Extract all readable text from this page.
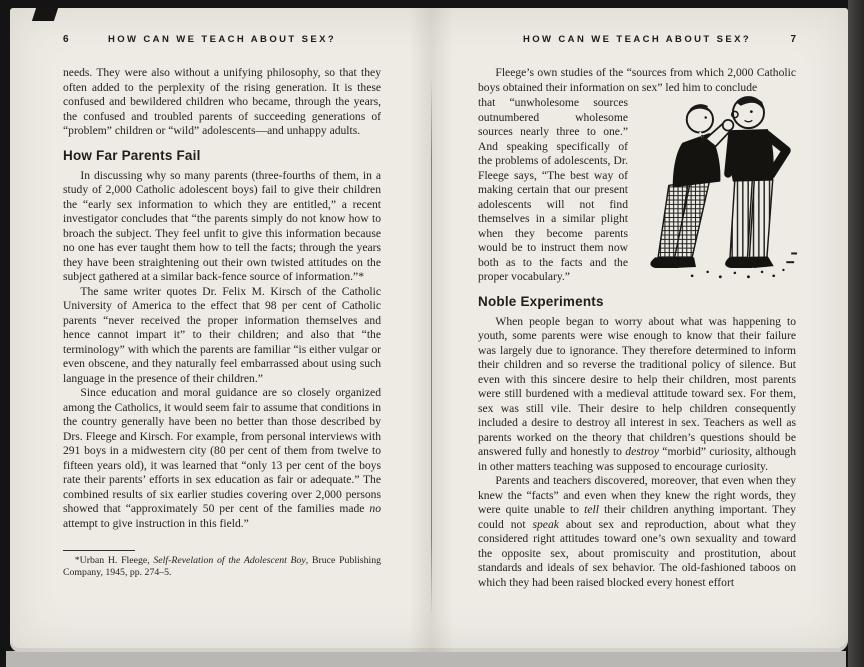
6	HOW CAN WE TEACH ABOUT SEX?

needs. They were also without a unifying philosophy, so that they often added to the perplexity of the rising generation. It is these confused and bewildered children who became, through the years, the confused and troubled parents of succeeding generations of “problem” children or “wild” adolescents—and unhappy adults.

How Far Parents Fail

In discussing why so many parents (three-fourths of them, in a study of 2,000 Catholic adolescent boys) fail to give their children the “early sex information to which they are entitled,” a recent investigator concludes that “the parents simply do not know how to broach the subject. They feel unfit to give this information because no one has ever taught them how to tell the facts; through the years they have been straightening out their own twisted attitudes on the subject gathered at a similar back-fence source of information.”*

The same writer quotes Dr. Felix M. Kirsch of the Catholic University of America to the effect that 98 per cent of Catholic parents “never received the proper information themselves and hence cannot impart it” to their children; and also that “the terminology” with which the parents are familiar “is either vulgar or even obscene, and they naturally feel embarrassed about using such language in the presence of their children.”

Since education and moral guidance are so closely organized among the Catholics, it would seem fair to assume that conditions in the country generally have been no better than those described by Drs. Fleege and Kirsch. For example, from personal interviews with 291 boys in a midwestern city (80 per cent of them from twelve to fifteen years old), it was learned that “only 13 per cent of the boys rate their parents’ efforts in sex education as fair or adequate.” The combined results of six earlier studies covering over 2,000 persons showed that “approximately 50 per cent of the families made no attempt to give instruction in this field.”

*Urban H. Fleege, Self-Revelation of the Adolescent Boy, Bruce Publishing Company, 1945, pp. 274–5.

HOW CAN WE TEACH ABOUT SEX?	7

Fleege’s own studies of the “sources from which 2,000 Catholic boys obtained their information on sex” led him to conclude

that “unwholesome sources outnumbered wholesome sources nearly three to one.” And speaking specifically of the problems of adolescents, Dr. Fleege says, “The best way of making certain that our present adolescents will not find themselves in a similar plight when they become parents would be to instruct them now both as to the facts and the proper vocabulary.”

Noble Experiments

When people began to worry about what was happening to youth, some parents were wise enough to know that their failure was largely due to ignorance. They therefore determined to inform their children and so reverse the traditional policy of silence. But even with this sincere desire to help their children, most parents were still burdened with a medieval attitude toward sex. For them, sex was still vile. Their desire to help children consequently included a desire to destroy all interest in sex. Teachers as well as parents worked on the theory that children’s questions should be answered fully and honestly to destroy “morbid” curiosity, although in other matters teaching was supposed to encourage curiosity.

Parents and teachers discovered, moreover, that even when they knew the “facts” and even when they knew the right words, they were quite unable to tell their children anything important. They could not speak about sex and reproduction, about what they considered right attitudes toward one’s own sexuality and toward the opposite sex, about promiscuity and prostitution, about standards and ideals of sex behavior. The old-fashioned taboos on which they had been raised blocked every honest effort
